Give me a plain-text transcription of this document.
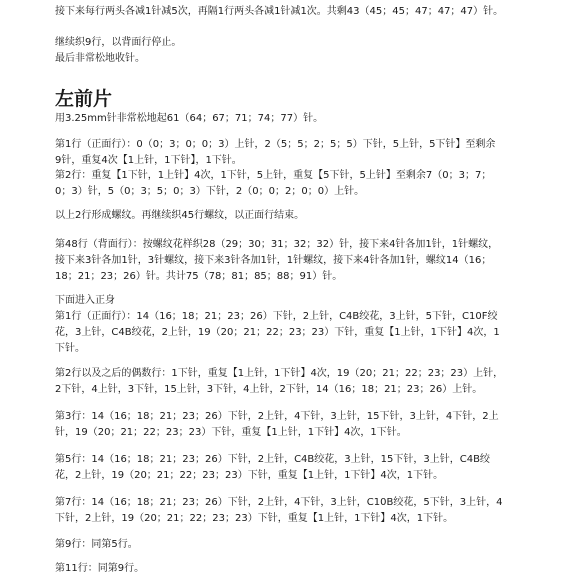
接下来每行两头各减1针减5次，再隔1行两头各减1针减1次。共剩43（45；45；47；47；47）针。

继续织9行，以背面行停止。
最后非常松地收针。

左前片

用3.25mm针非常松地起61（64；67；71；74；77）针。

第1行（正面行）：0（0；3；0；0；3）上针，2（5；5；2；5；5）下针，5上针，5下针】至剩余
9针，重复4次【1上针，1下针】，1下针。

第2行：重复【1下针，1上针】4次，1下针，5上针，重复【5下针，5上针】至剩余7（0；3；7；
0；3）针，5（0；3；5；0；3）下针，2（0；0；2；0；0）上针。

以上2行形成螺纹。再继续织45行螺纹，以正面行结束。

第48行（背面行）：按螺纹花样织28（29；30；31；32；32）针，接下来4针各加1针，1针螺纹，
接下来3针各加1针，3针螺纹，接下来3针各加1针，1针螺纹，接下来4针各加1针，螺纹14（16；
18；21；23；26）针。共计75（78；81；85；88；91）针。

下面进入正身

第1行（正面行）：14（16；18；21；23；26）下针，2上针，C4B绞花，3上针，5下针，C10F绞
花，3上针，C4B绞花，2上针，19（20；21；22；23；23）下针，重复【1上针，1下针】4次，1
下针。

第2行以及之后的偶数行：1下针，重复【1上针，1下针】4次，19（20；21；22；23；23）上针，
2下针，4上针，3下针，15上针，3下针，4上针，2下针，14（16；18；21；23；26）上针。

第3行：14（16；18；21；23；26）下针，2上针，4下针，3上针，15下针，3上针，4下针，2上
针，19（20；21；22；23；23）下针，重复【1上针，1下针】4次，1下针。

第5行：14（16；18；21；23；26）下针，2上针，C4B绞花，3上针，15下针，3上针，C4B绞
花，2上针，19（20；21；22；23；23）下针，重复【1上针，1下针】4次，1下针。

第7行：14（16；18；21；23；26）下针，2上针，4下针，3上针，C10B绞花，5下针，3上针，4
下针，2上针，19（20；21；22；23；23）下针，重复【1上针，1下针】4次，1下针。

第9行：同第5行。

第11行：同第9行。
